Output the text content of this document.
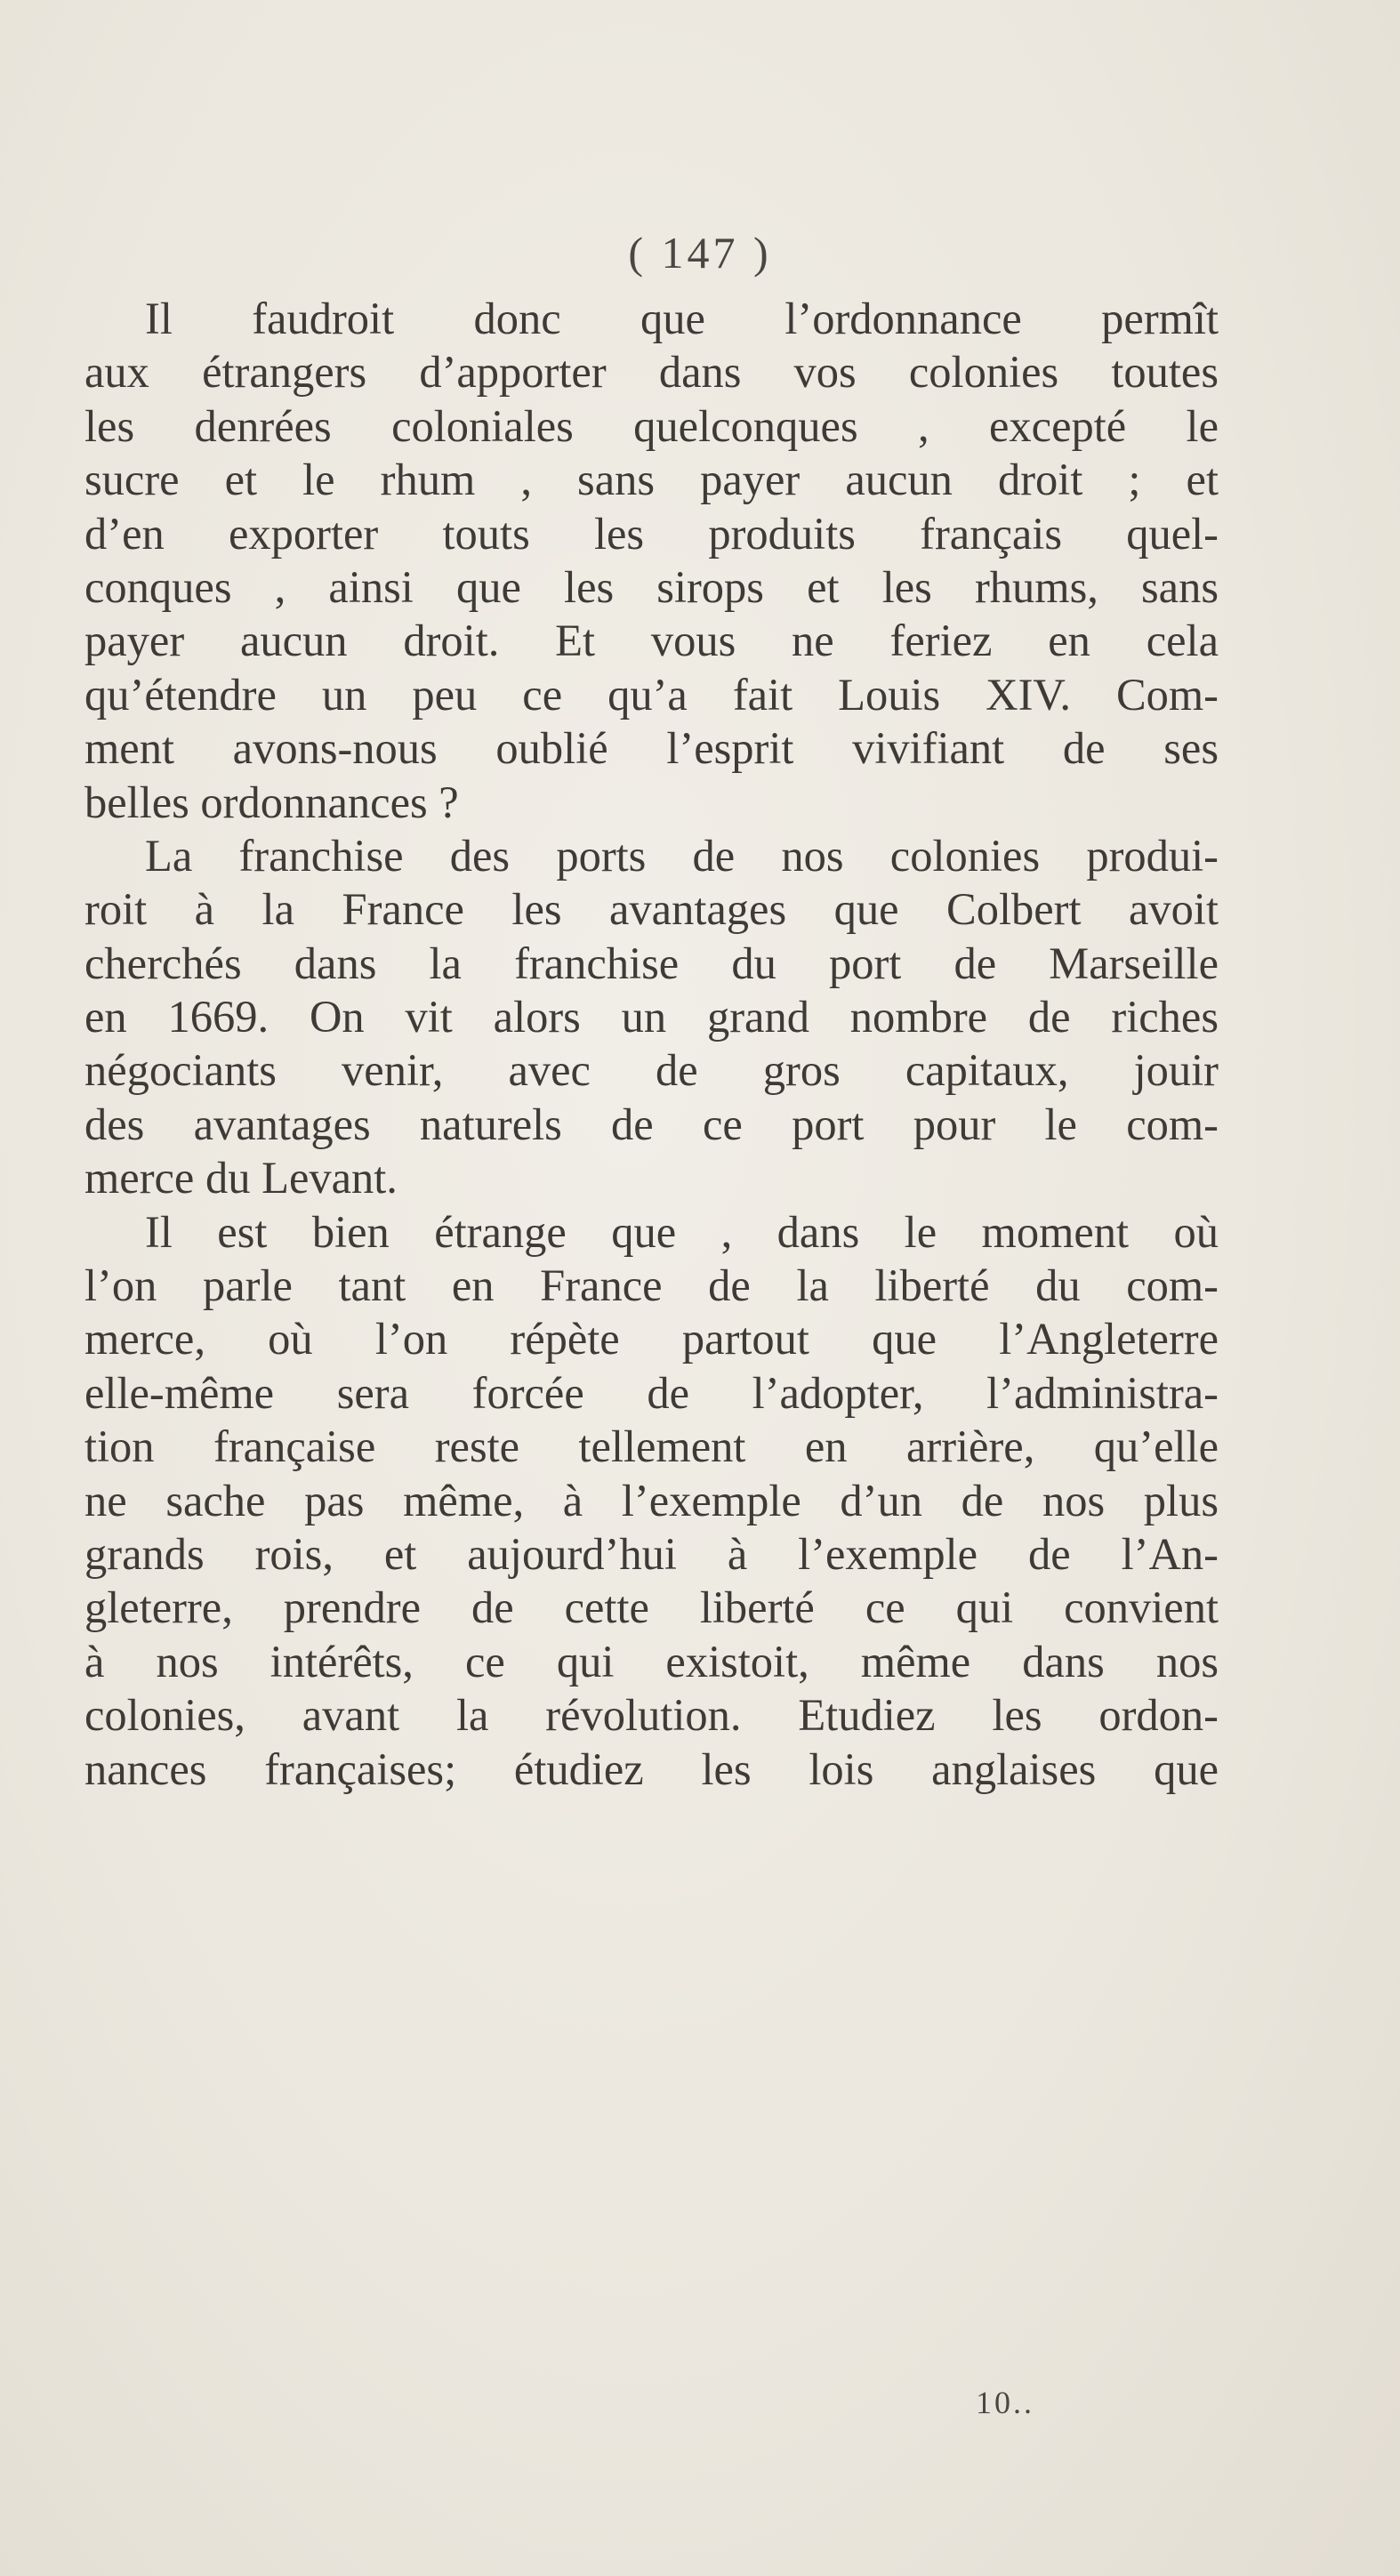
( 147 )
Il faudroit donc que l’ordonnance permît
aux étrangers d’apporter dans vos colonies toutes
les denrées coloniales quelconques , excepté le
sucre et le rhum , sans payer aucun droit ; et
d’en exporter touts les produits français quel-
conques , ainsi que les sirops et les rhums, sans
payer aucun droit. Et vous ne feriez en cela
qu’étendre un peu ce qu’a fait Louis XIV. Com-
ment avons-nous oublié l’esprit vivifiant de ses
belles ordonnances ?
La franchise des ports de nos colonies produi-
roit à la France les avantages que Colbert avoit
cherchés dans la franchise du port de Marseille
en 1669. On vit alors un grand nombre de riches
négociants venir, avec de gros capitaux, jouir
des avantages naturels de ce port pour le com-
merce du Levant.
Il est bien étrange que , dans le moment où
l’on parle tant en France de la liberté du com-
merce, où l’on répète partout que l’Angleterre
elle-même sera forcée de l’adopter, l’administra-
tion française reste tellement en arrière, qu’elle
ne sache pas même, à l’exemple d’un de nos plus
grands rois, et aujourd’hui à l’exemple de l’An-
gleterre, prendre de cette liberté ce qui convient
à nos intérêts, ce qui existoit, même dans nos
colonies, avant la révolution. Etudiez les ordon-
nances françaises; étudiez les lois anglaises que
10..
